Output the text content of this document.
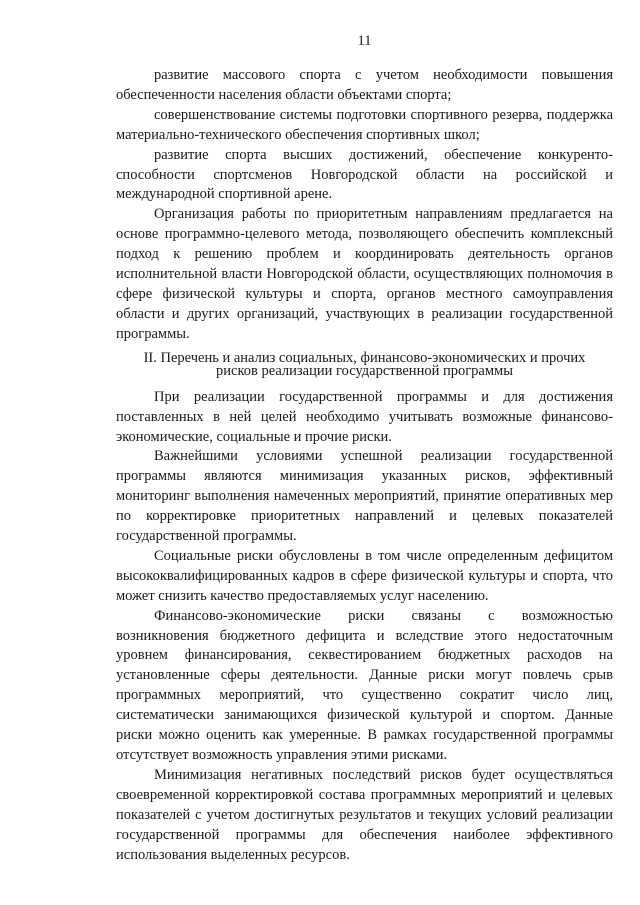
11

развитие массового спорта с учетом необходимости повышения обеспеченности населения области объектами спорта;

совершенствование системы подготовки спортивного резерва, поддержка материально-технического обеспечения спортивных школ;

развитие спорта высших достижений, обеспечение конкуренто-способности спортсменов Новгородской области на российской и международной спортивной арене.

Организация работы по приоритетным направлениям предлагается на основе программно-целевого метода, позволяющего обеспечить комплексный подход к решению проблем и координировать деятельность органов исполнительной власти Новгородской области, осуществляющих полномочия в сфере физической культуры и спорта, органов местного самоуправления области и других организаций, участвующих в реализации государственной программы.

II. Перечень и анализ социальных, финансово-экономических и прочих рисков реализации государственной программы

При реализации государственной программы и для достижения поставленных в ней целей необходимо учитывать возможные финансово-экономические, социальные и прочие риски.

Важнейшими условиями успешной реализации государственной программы являются минимизация указанных рисков, эффективный мониторинг выполнения намеченных мероприятий, принятие оперативных мер по корректировке приоритетных направлений и целевых показателей государственной программы.

Социальные риски обусловлены в том числе определенным дефицитом высококвалифицированных кадров в сфере физической культуры и спорта, что может снизить качество предоставляемых услуг населению.

Финансово-экономические риски связаны с возможностью возникновения бюджетного дефицита и вследствие этого недостаточным уровнем финансирования, секвестированием бюджетных расходов на установленные сферы деятельности. Данные риски могут повлечь срыв программных мероприятий, что существенно сократит число лиц, систематически занимающихся физической культурой и спортом. Данные риски можно оценить как умеренные. В рамках государственной программы отсутствует возможность управления этими рисками.

Минимизация негативных последствий рисков будет осуществляться своевременной корректировкой состава программных мероприятий и целевых показателей с учетом достигнутых результатов и текущих условий реализации государственной программы для обеспечения наиболее эффективного использования выделенных ресурсов.
